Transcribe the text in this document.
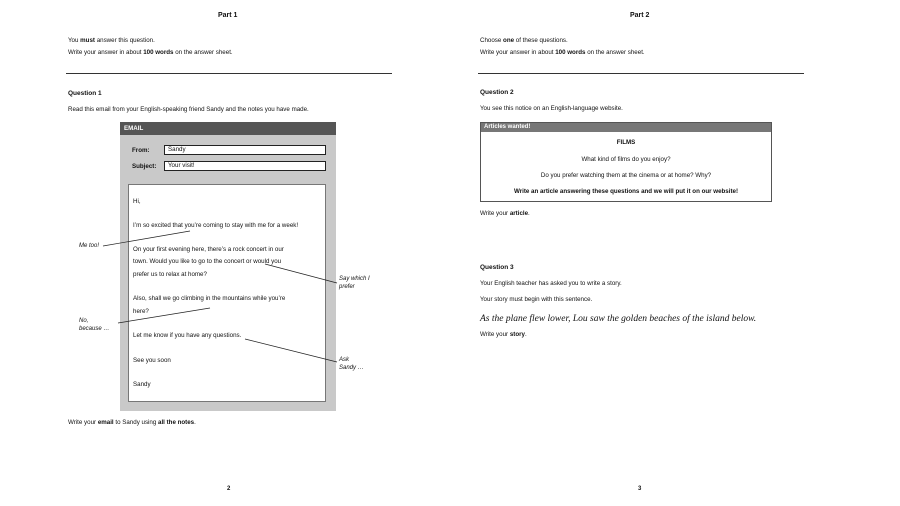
Part 1
You must answer this question.
Write your answer in about 100 words on the answer sheet.
Question 1
Read this email from your English-speaking friend Sandy and the notes you have made.
EMAIL
From:	Sandy
Subject:	Your visit!
Hi,
I’m so excited that you’re coming to stay with me for a week!
On your first evening here, there’s a rock concert in our
town. Would you like to go to the concert or would you
prefer us to relax at home?
Also, shall we go climbing in the mountains while you’re
here?
Let me know if you have any questions.
See you soon
Sandy
Me too!
Say which I
prefer
No,
because …
Ask
Sandy …
Write your email to Sandy using all the notes.
2
Part 2
Choose one of these questions.
Write your answer in about 100 words on the answer sheet.
Question 2
You see this notice on an English-language website.
Articles wanted!
FILMS
What kind of films do you enjoy?
Do you prefer watching them at the cinema or at home? Why?
Write an article answering these questions and we will put it on our website!
Write your article.
Question 3
Your English teacher has asked you to write a story.
Your story must begin with this sentence.
As the plane flew lower, Lou saw the golden beaches of the island below.
Write your story.
3
